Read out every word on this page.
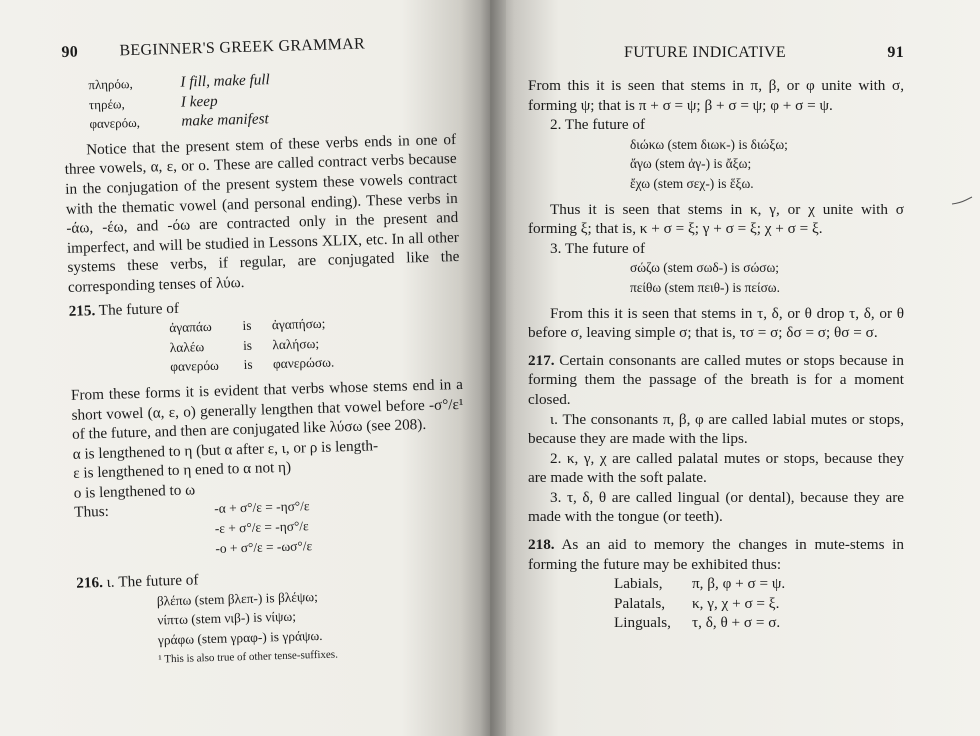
90	BEGINNER'S GREEK GRAMMAR
πληρόω,	I fill, make full
τηρέω,	I keep
φανερόω,	make manifest

Notice that the present stem of these verbs ends in one of three vowels, α, ε, or ο. These are called contract verbs because in the conjugation of the present system these vowels contract with the thematic vowel (and personal ending). These verbs in -άω, -έω, and -όω are contracted only in the present and imperfect, and will be studied in Lessons XLIX, etc. In all other systems these verbs, if regular, are conjugated like the corresponding tenses of λύω.

215. The future of
ἀγαπάω is ἀγαπήσω;
λαλέω	is λαλήσω;
φανερόω is φανερώσω.

From these forms it is evident that verbs whose stems end in a short vowel (α, ε, ο) generally lengthen that vowel before -σ°/ε¹ of the future, and then are conjugated like λύσω (see 208).

α is lengthened to η (but α after ε, ι, or ρ is length-
ε is lengthened to η ened to α not η)
ο is lengthened to ω
Thus:	-α + σ°/ε = -ησ°/ε
-ε + σ°/ε = -ησ°/ε
-ο + σ°/ε = -ωσ°/ε
216. ι. The future of
βλέπω (stem βλεπ-) is βλέψω;
νίπτω (stem νιβ-) is νίψω;
γράφω (stem γραφ-) is γράψω.
¹ This is also true of other tense-suffixes.
FUTURE INDICATIVE	91

From this it is seen that stems in π, β, or φ unite with σ, forming ψ; that is π + σ = ψ; β + σ = ψ; φ + σ = ψ.

2. The future of
διώκω (stem διωκ-) is διώξω;
ἄγω (stem ἀγ-) is ἄξω;
ἔχω (stem σεχ-) is ἕξω.

Thus it is seen that stems in κ, γ, or χ unite with σ forming ξ; that is, κ + σ = ξ; γ + σ = ξ; χ + σ = ξ.

3. The future of
σώζω (stem σωδ-) is σώσω;
πείθω (stem πειθ-) is πείσω.

From this it is seen that stems in τ, δ, or θ drop τ, δ, or θ before σ, leaving simple σ; that is, τσ = σ; δσ = σ; θσ = σ.

217. Certain consonants are called mutes or stops because in forming them the passage of the breath is for a moment closed.

ι. The consonants π, β, φ are called labial mutes or stops, because they are made with the lips.

2. κ, γ, χ are called palatal mutes or stops, because they are made with the soft palate.

3. τ, δ, θ are called lingual (or dental), because they are made with the tongue (or teeth).

218. As an aid to memory the changes in mute-stems in forming the future may be exhibited thus:

Labials,	π, β, φ + σ = ψ.
Palatals,	κ, γ, χ + σ = ξ.
Linguals,	τ, δ, θ + σ = σ.
